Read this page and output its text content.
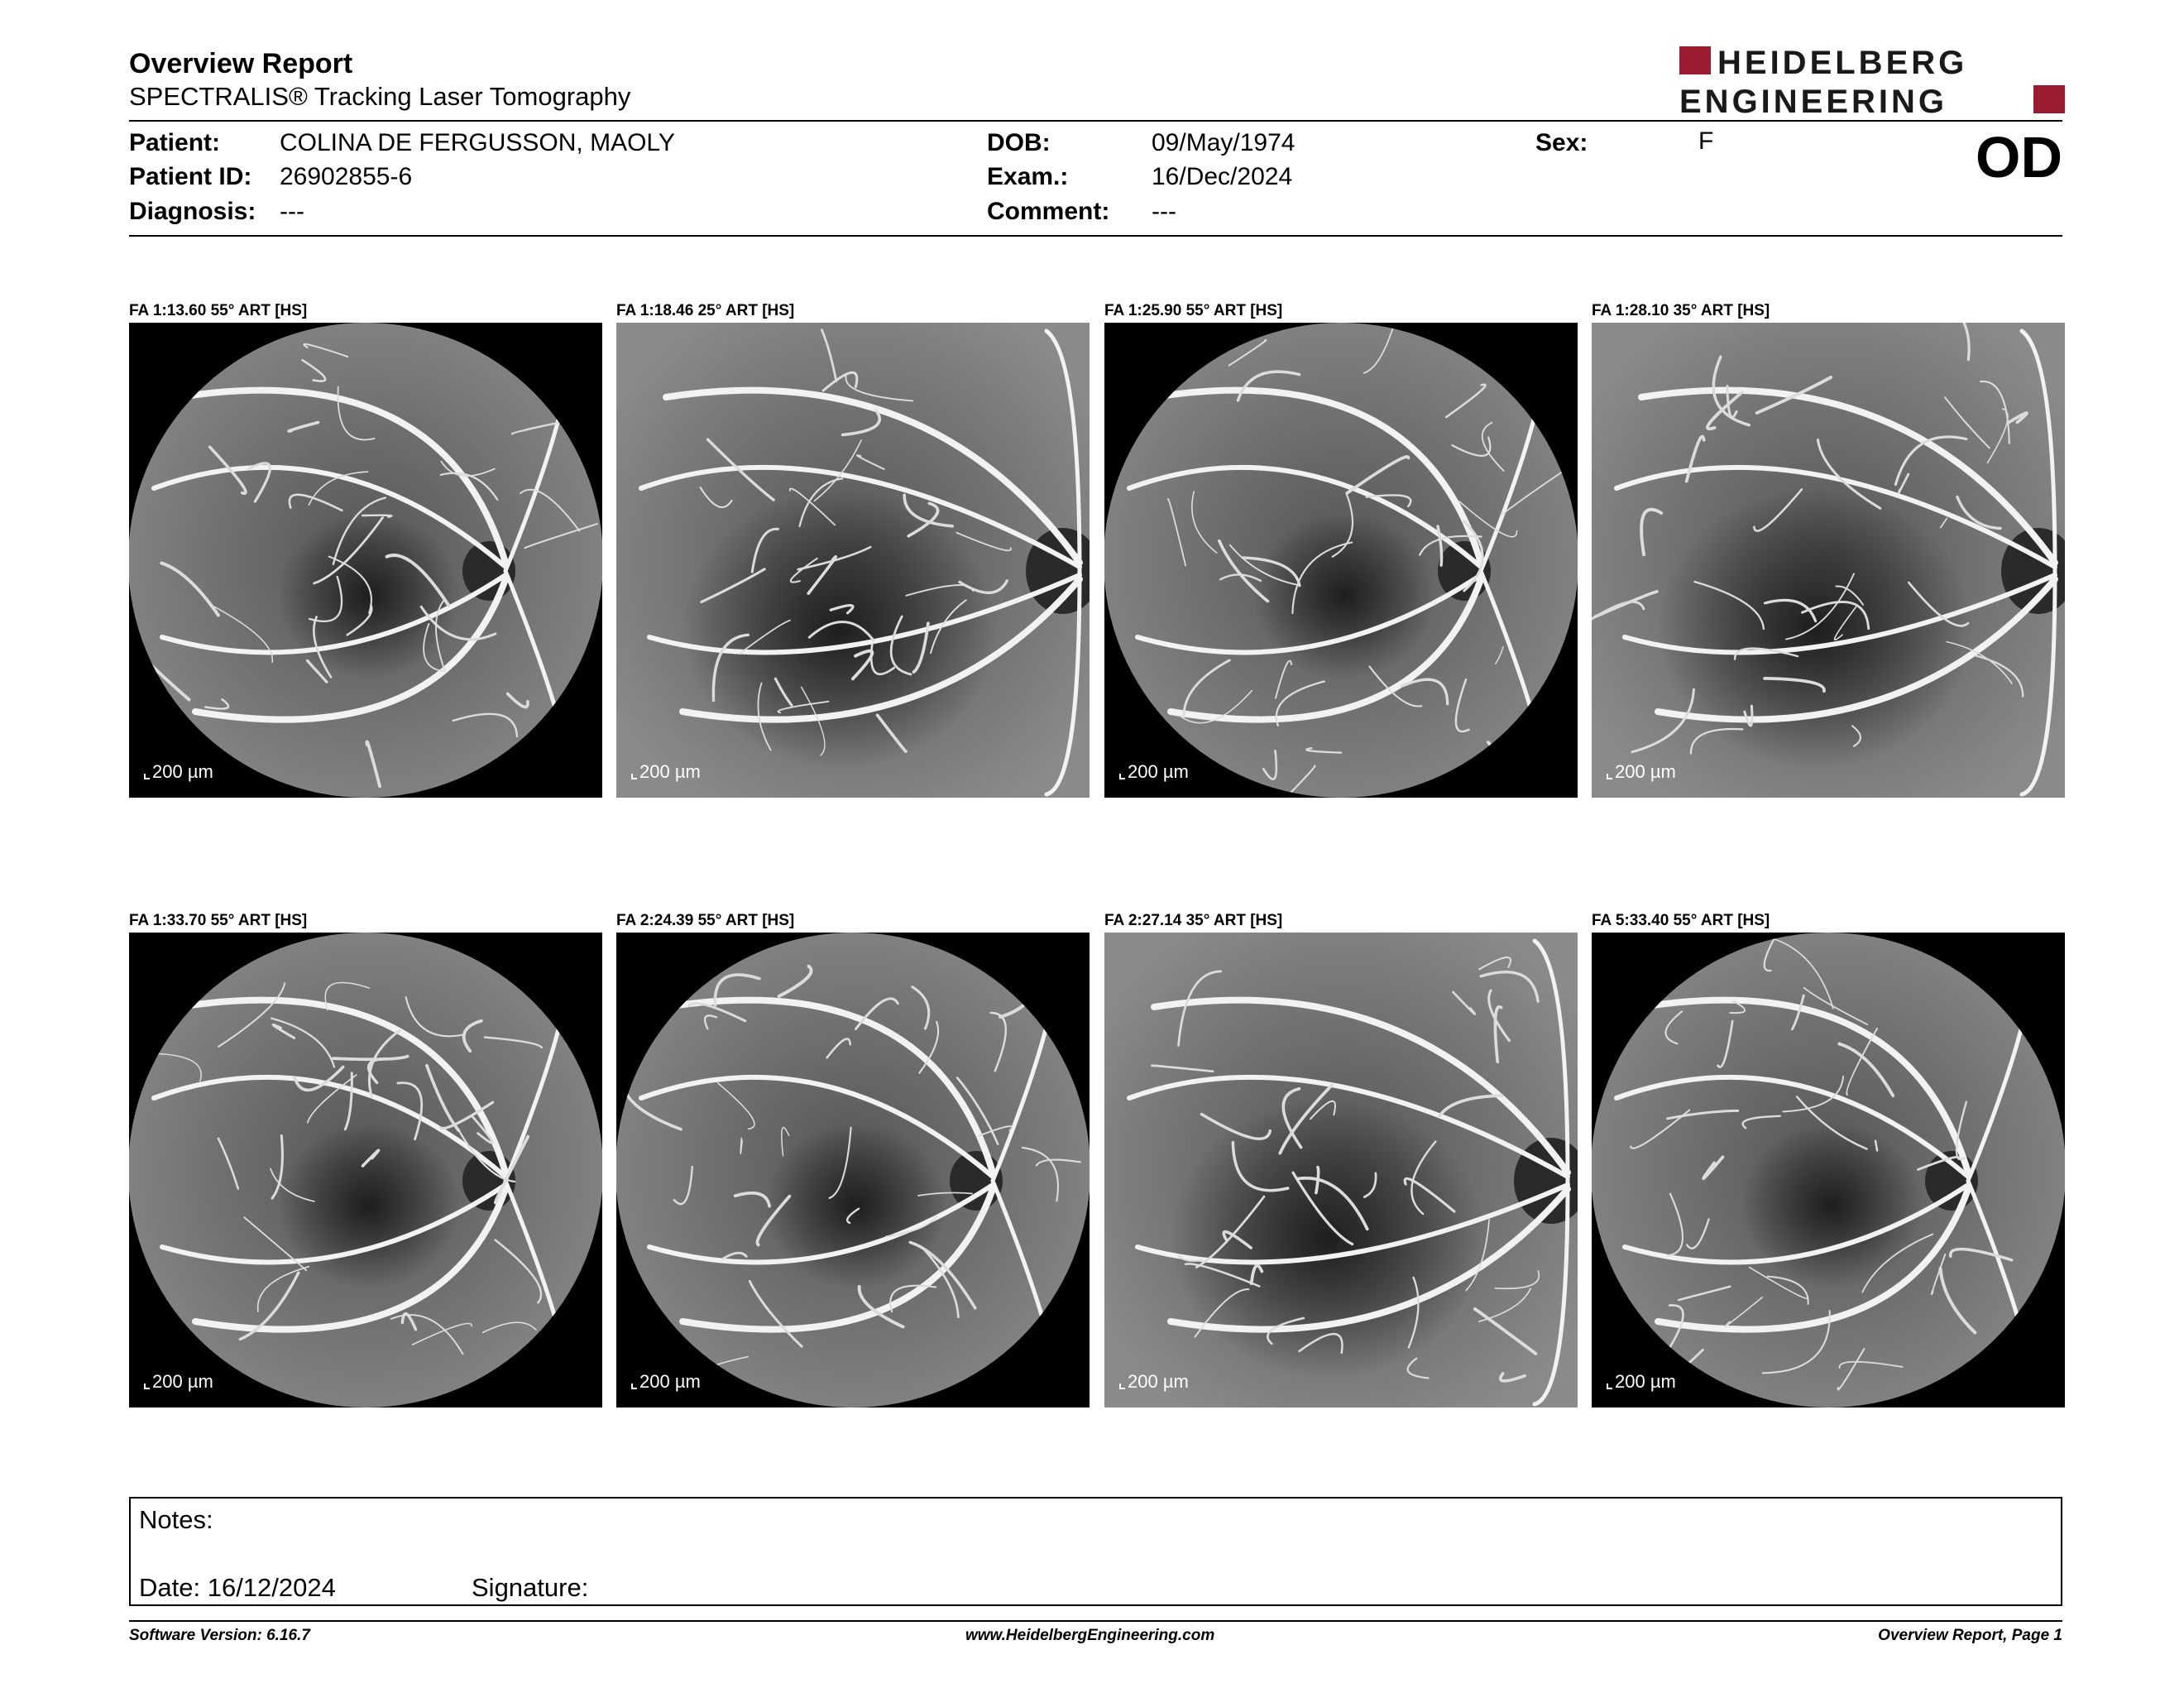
Overview Report
SPECTRALIS® Tracking Laser Tomography
HEIDELBERG
ENGINEERING
Patient: COLINA DE FERGUSSON, MAOLY
Patient ID: 26902855-6
Diagnosis: ---
DOB:	09/May/1974
Exam.:	16/Dec/2024
Comment: ---
Sex:	F	OD
FA 1:13.60 55° ART [HS]
200 µm
FA 1:18.46 25° ART [HS]
200 µm
FA 1:25.90 55° ART [HS]
200 µm
FA 1:28.10 35° ART [HS]
200 µm
FA 1:33.70 55° ART [HS]
200 µm
FA 2:24.39 55° ART [HS]
200 µm
FA 2:27.14 35° ART [HS]
200 µm
FA 5:33.40 55° ART [HS]
200 µm
Notes:
Date: 16/12/2024	Signature:
Software Version: 6.16.7	www.HeidelbergEngineering.com	Overview Report, Page 1
